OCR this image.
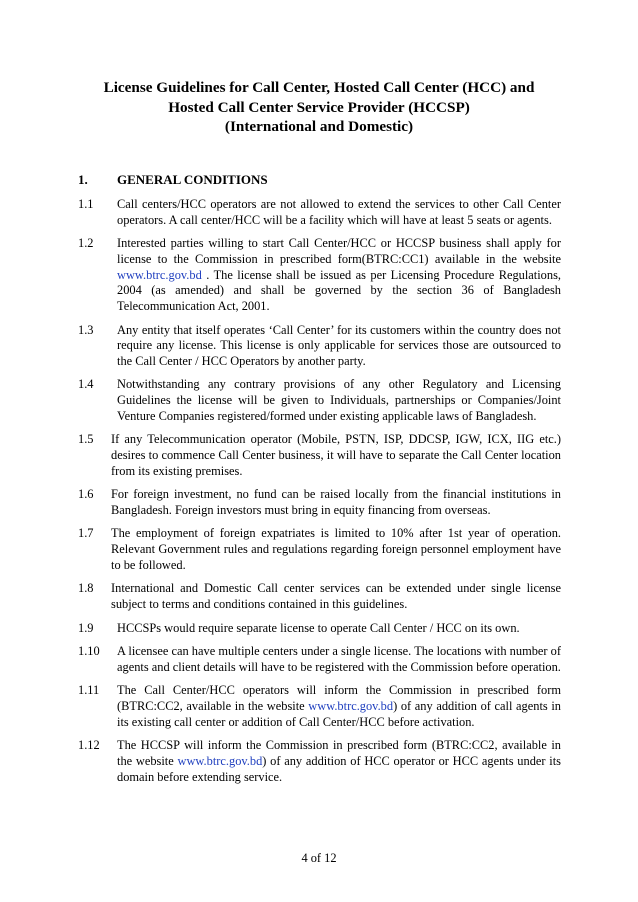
License Guidelines for Call Center, Hosted Call Center (HCC) and
Hosted Call Center Service Provider (HCCSP)
(International and Domestic)
1. GENERAL CONDITIONS
1.1 Call centers/HCC operators are not allowed to extend the services to other Call Center operators. A call center/HCC will be a facility which will have at least 5 seats or agents.

1.2 Interested parties willing to start Call Center/HCC or HCCSP business shall apply for license to the Commission in prescribed form(BTRC:CC1) available in the website www.btrc.gov.bd . The license shall be issued as per Licensing Procedure Regulations, 2004 (as amended) and shall be governed by the section 36 of Bangladesh Telecommunication Act, 2001.

1.3 Any entity that itself operates ‘Call Center’ for its customers within the country does not require any license. This license is only applicable for services those are outsourced to the Call Center / HCC Operators by another party.

1.4 Notwithstanding any contrary provisions of any other Regulatory and Licensing Guidelines the license will be given to Individuals, partnerships or Companies/Joint Venture Companies registered/formed under existing applicable laws of Bangladesh.

1.5 If any Telecommunication operator (Mobile, PSTN, ISP, DDCSP, IGW, ICX, IIG etc.) desires to commence Call Center business, it will have to separate the Call Center location from its existing premises.

1.6 For foreign investment, no fund can be raised locally from the financial institutions in Bangladesh. Foreign investors must bring in equity financing from overseas.

1.7 The employment of foreign expatriates is limited to 10% after 1st year of operation. Relevant Government rules and regulations regarding foreign personnel employment have to be followed.

1.8 International and Domestic Call center services can be extended under single license subject to terms and conditions contained in this guidelines.

1.9 HCCSPs would require separate license to operate Call Center / HCC on its own.

1.10 A licensee can have multiple centers under a single license. The locations with number of agents and client details will have to be registered with the Commission before operation.

1.11 The Call Center/HCC operators will inform the Commission in prescribed form (BTRC:CC2, available in the website www.btrc.gov.bd) of any addition of call agents in its existing call center or addition of Call Center/HCC before activation.

1.12 The HCCSP will inform the Commission in prescribed form (BTRC:CC2, available in the website www.btrc.gov.bd) of any addition of HCC operator or HCC agents under its domain before extending service.

4 of 12
